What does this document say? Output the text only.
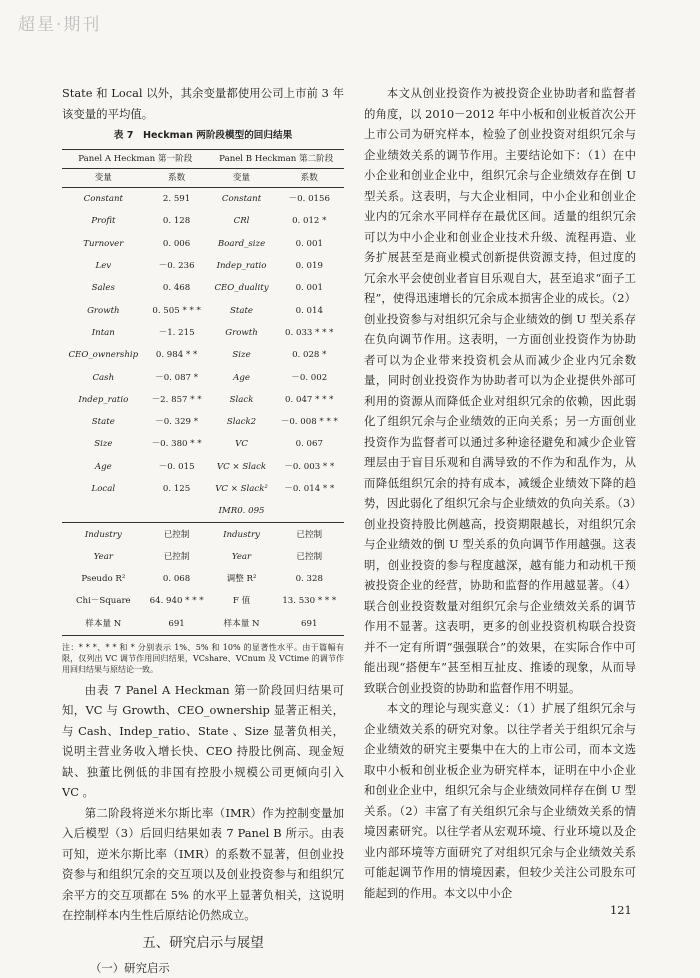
超星·期刊

State 和 Local 以外，其余变量都使用公司上市前 3 年该变量的平均值。

表 7　Heckman 两阶段模型的回归结果
Panel A Heckman 第一阶段		Panel B Heckman 第二阶段	
变量	系数	变量	系数
Constant	2. 591	Constant	－0. 0156
Profit	0. 128	CRl	0. 012 *
Turnover	0. 006	Board_size	0. 001
Lev	－0. 236	Indep_ratio	0. 019
Sales	0. 468	CEO_duality	0. 001
Growth	0. 505 * * *	State	0. 014
Intan	－1. 215	Growth	0. 033 * * *
CEO_ownership	0. 984 * *	Size	0. 028 *
Cash	－0. 087 *	Age	－0. 002
Indep_ratio	－2. 857 * *	Slack	0. 047 * * *
State	－0. 329 *	Slack2	－0. 008 * * *
Size	－0. 380 * *	VC	0. 067
Age	－0. 015	VC × Slack	－0. 003 * *
Local	0. 125	VC × Slack²	－0. 014 * *
		IMR0. 095	
Industry	已控制	Industry	已控制
Year	已控制	Year	已控制
Pseudo R²	0. 068	调整 R²	0. 328
Chi－Square	64. 940 * * *	F 值	13. 530 * * *
样本量 N	691	样本量 N	691
注：* * *、* * 和 * 分别表示 1%、5% 和 10% 的显著性水平。由于篇幅有限，仅列出 VC 调节作用回归结果，VCshare、VCnum 及 VCtime 的调节作用回归结果与原结论一致。

由表 7 Panel A Heckman 第一阶段回归结果可知，VC 与 Growth、CEO_ownership 显著正相关，与 Cash、Indep_ratio、State 、Size 显著负相关，说明主营业务收入增长快、CEO 持股比例高、现金短缺、独董比例低的非国有控股小规模公司更倾向引入 VC 。

第二阶段将逆米尔斯比率（IMR）作为控制变量加入后模型（3）后回归结果如表 7 Panel B 所示。由表可知，逆米尔斯比率（IMR）的系数不显著，但创业投资参与和组织冗余的交互项以及创业投资参与和组织冗余平方的交互项都在 5% 的水平上显著负相关，这说明在控制样本内生性后原结论仍然成立。

五、研究启示与展望
（一）研究启示

本文从创业投资作为被投资企业协助者和监督者的角度，以 2010－2012 年中小板和创业板首次公开上市公司为研究样本，检验了创业投资对组织冗余与企业绩效关系的调节作用。主要结论如下：（1）在中小企业和创业企业中，组织冗余与企业绩效存在倒 U 型关系。这表明，与大企业相同，中小企业和创业企业内的冗余水平同样存在最优区间。适量的组织冗余可以为中小企业和创业企业技术升级、流程再造、业务扩展甚至是商业模式创新提供资源支持，但过度的冗余水平会使创业者盲目乐观自大，甚至追求“面子工程”，使得迅速增长的冗余成本损害企业的成长。（2）创业投资参与对组织冗余与企业绩效的倒 U 型关系存在负向调节作用。这表明，一方面创业投资作为协助者可以为企业带来投资机会从而减少企业内冗余数量，同时创业投资作为协助者可以为企业提供外部可利用的资源从而降低企业对组织冗余的依赖，因此弱化了组织冗余与企业绩效的正向关系；另一方面创业投资作为监督者可以通过多种途径避免和减少企业管理层由于盲目乐观和自满导致的不作为和乱作为，从而降低组织冗余的持有成本，减缓企业绩效下降的趋势，因此弱化了组织冗余与企业绩效的负向关系。（3）创业投资持股比例越高，投资期限越长，对组织冗余与企业绩效的倒 U 型关系的负向调节作用越强。这表明，创业投资的参与程度越深，越有能力和动机干预被投资企业的经营，协助和监督的作用越显著。（4）联合创业投资数量对组织冗余与企业绩效关系的调节作用不显著。这表明，更多的创业投资机构联合投资并不一定有所谓“强强联合”的效果，在实际合作中可能出现“搭便车”甚至相互扯皮、推诿的现象，从而导致联合创业投资的协助和监督作用不明显。

本文的理论与现实意义：（1）扩展了组织冗余与企业绩效关系的研究对象。以往学者关于组织冗余与企业绩效的研究主要集中在大的上市公司，而本文选取中小板和创业板企业为研究样本，证明在中小企业和创业企业中，组织冗余与企业绩效同样存在倒 U 型关系。（2）丰富了有关组织冗余与企业绩效关系的情境因素研究。以往学者从宏观环境、行业环境以及企业内部环境等方面研究了对组织冗余与企业绩效关系可能起调节作用的情境因素，但较少关注公司股东可能起到的作用。本文以中小企

121
